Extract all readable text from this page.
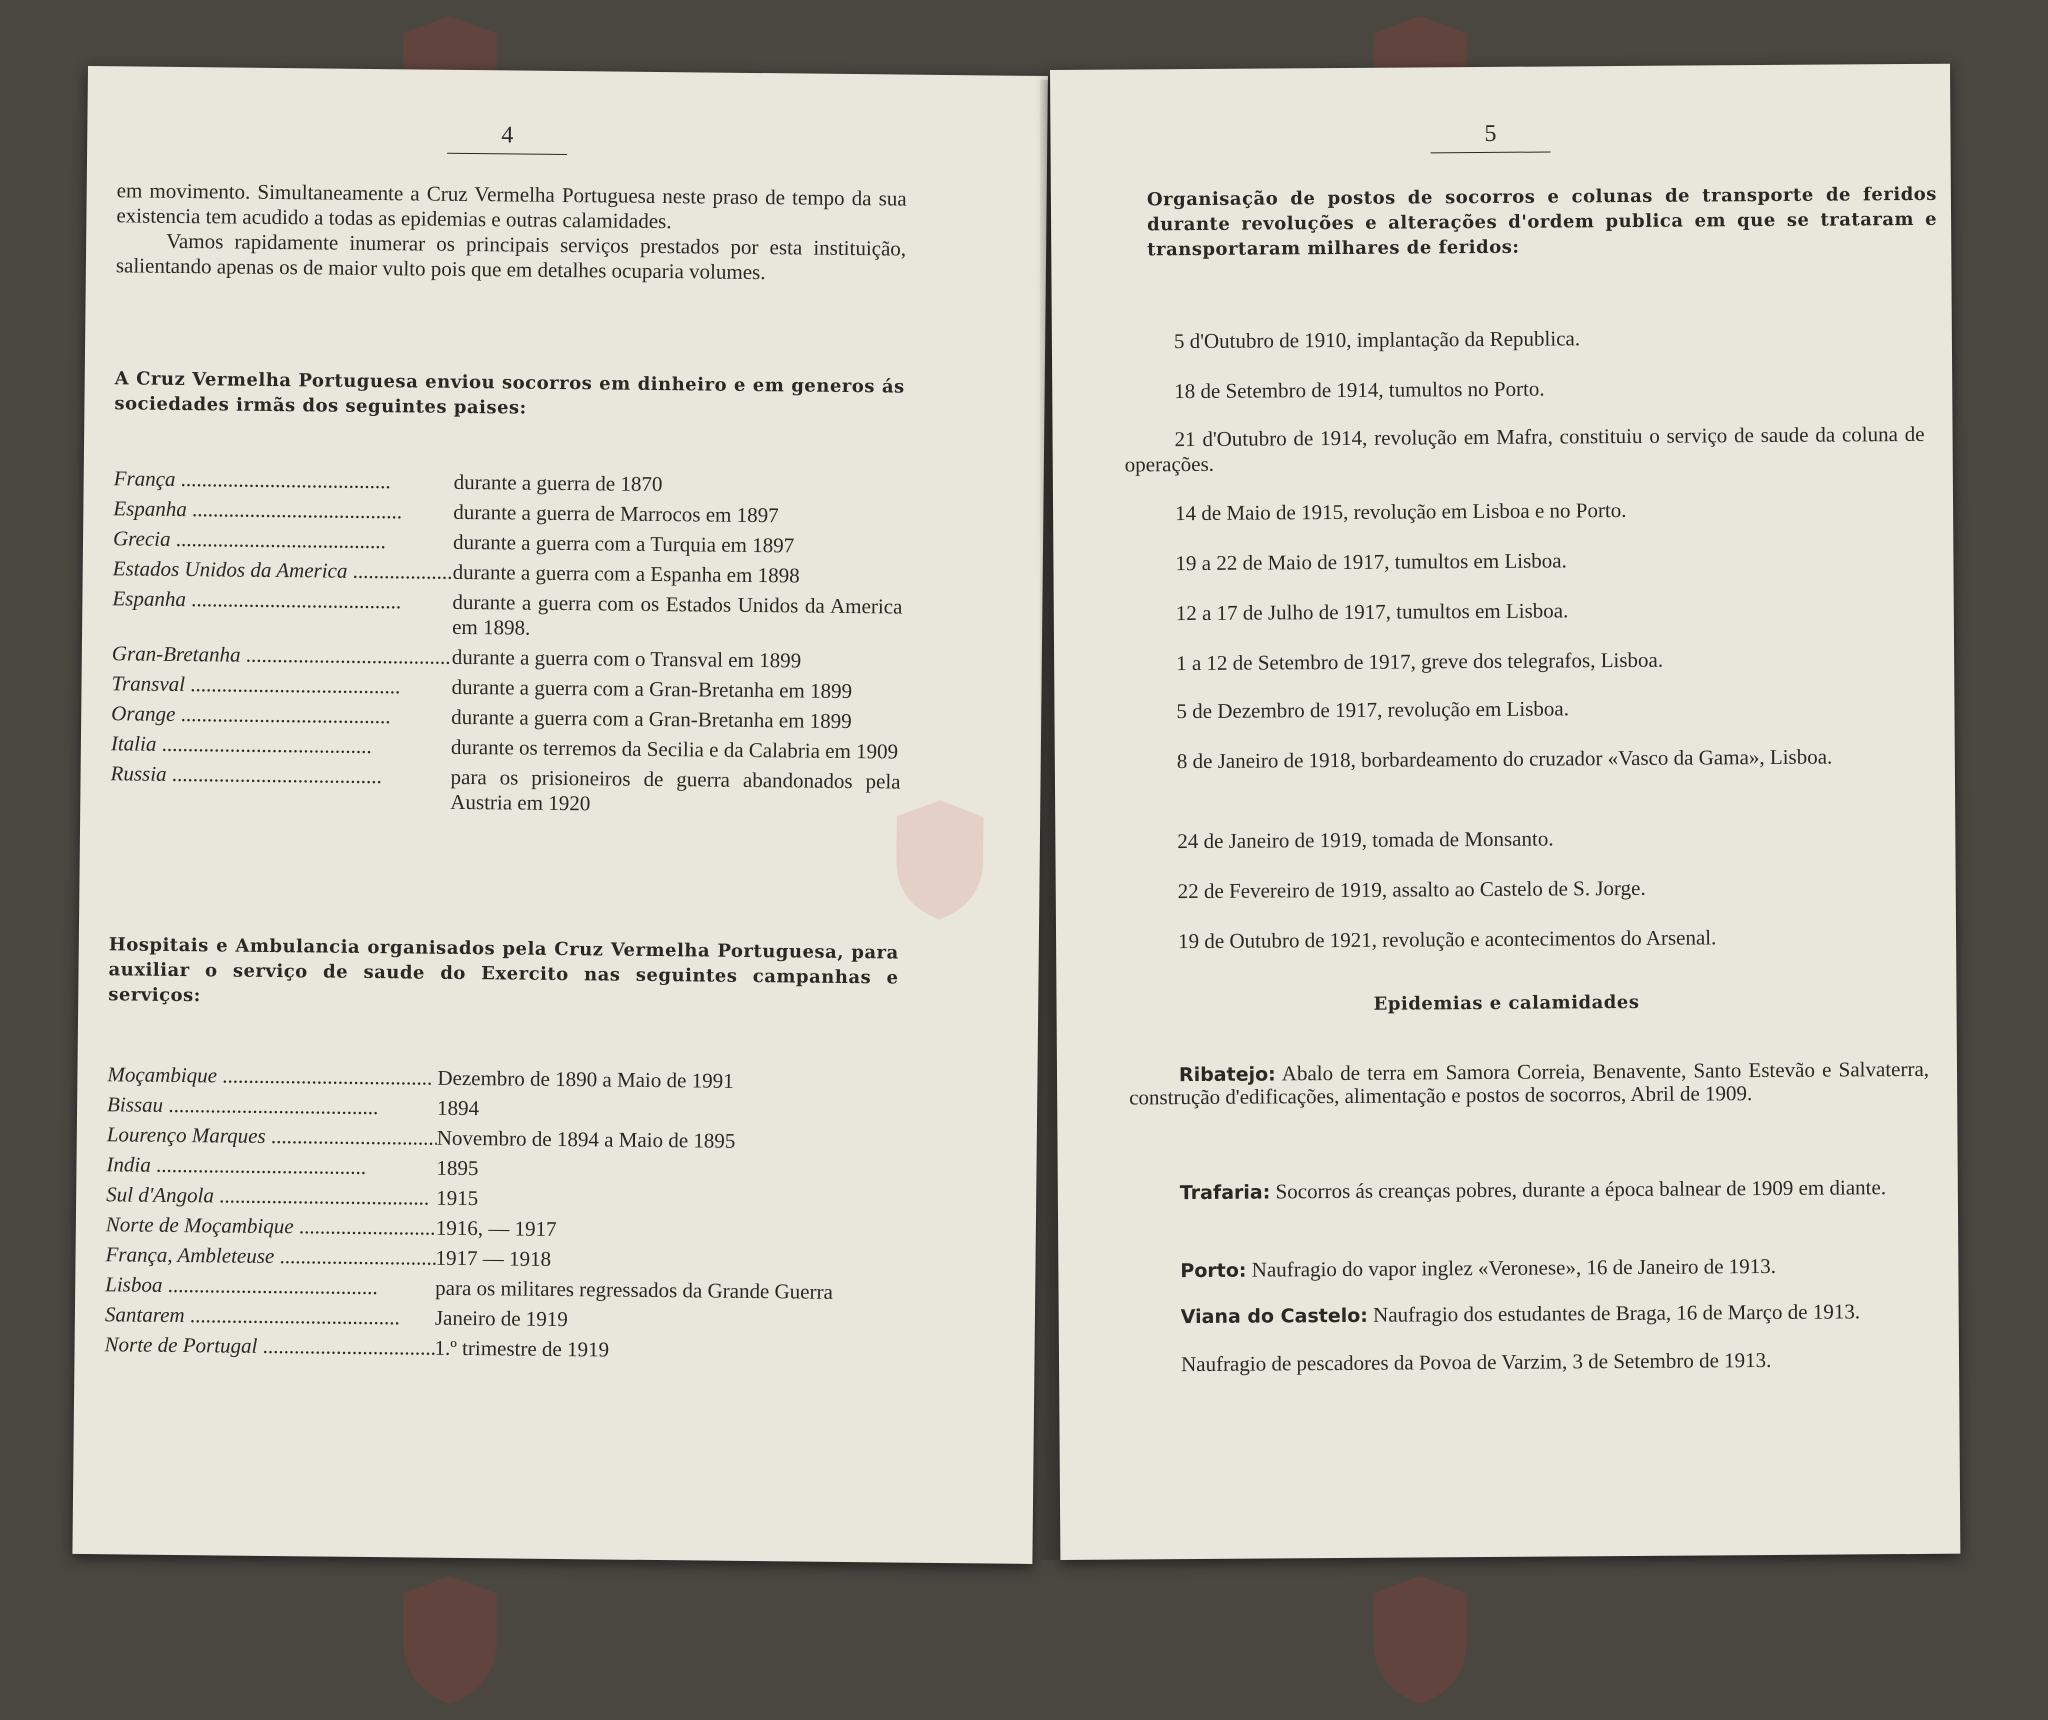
4
em movimento. Simultaneamente a Cruz Vermelha Portuguesa neste praso de tempo da sua existencia tem acudido a todas as epidemias e outras calamidades.
Vamos rapidamente inumerar os principais serviços prestados por esta instituição, salientando apenas os de maior vulto pois que em detalhes ocuparia volumes.
A Cruz Vermelha Portuguesa enviou socorros em dinheiro e em generos ás sociedades irmãs dos seguintes paises:
França .....	durante a guerra de 1870
Espanha .....	durante a guerra de Marrocos em 1897
Grecia .....	durante a guerra com a Turquia em 1897
Estados Unidos da America .....	durante a guerra com a Espanha em 1898
Espanha .....	durante a guerra com os Estados Unidos da America em 1898.
Gran-Bretanha .....	durante a guerra com o Transval em 1899
Transval .....	durante a guerra com a Gran-Bretanha em 1899
Orange .....	durante a guerra com a Gran-Bretanha em 1899
Italia .....	durante os terremos da Secilia e da Calabria em 1909
Russia .....	para os prisioneiros de guerra abandonados pela Austria em 1920
Hospitais e Ambulancia organisados pela Cruz Vermelha Portuguesa, para auxiliar o serviço de saude do Exercito nas seguintes campanhas e serviços:
Moçambique .....	Dezembro de 1890 a Maio de 1991
Bissau .....	1894
Lourenço Marques .....	Novembro de 1894 a Maio de 1895
India .....	1895
Sul d'Angola .....	1915
Norte de Moçambique .....	1916, — 1917
França, Ambleteuse .....	1917 — 1918
Lisboa .....	para os militares regressados da Grande Guerra
Santarem .....	Janeiro de 1919
Norte de Portugal .....	1.º trimestre de 1919
5
Organisação de postos de socorros e colunas de transporte de feridos durante revoluções e alterações d'ordem publica em que se trataram e transportaram milhares de feridos:
5 d'Outubro de 1910, implantação da Republica.
18 de Setembro de 1914, tumultos no Porto.
21 d'Outubro de 1914, revolução em Mafra, constituiu o serviço de saude da coluna de operações.
14 de Maio de 1915, revolução em Lisboa e no Porto.
19 a 22 de Maio de 1917, tumultos em Lisboa.
12 a 17 de Julho de 1917, tumultos em Lisboa.
1 a 12 de Setembro de 1917, greve dos telegrafos, Lisboa.
5 de Dezembro de 1917, revolução em Lisboa.
8 de Janeiro de 1918, borbardeamento do cruzador «Vasco da Gama», Lisboa.
24 de Janeiro de 1919, tomada de Monsanto.
22 de Fevereiro de 1919, assalto ao Castelo de S. Jorge.
19 de Outubro de 1921, revolução e acontecimentos do Arsenal.
Epidemias e calamidades
Ribatejo: Abalo de terra em Samora Correia, Benavente, Santo Estevão e Salvaterra, construção d'edificações, alimentação e postos de socorros, Abril de 1909.
Trafaria: Socorros ás creanças pobres, durante a época balnear de 1909 em diante.
Porto: Naufragio do vapor inglez «Veronese», 16 de Janeiro de 1913.
Viana do Castelo: Naufragio dos estudantes de Braga, 16 de Março de 1913.
Naufragio de pescadores da Povoa de Varzim, 3 de Setembro de 1913.
